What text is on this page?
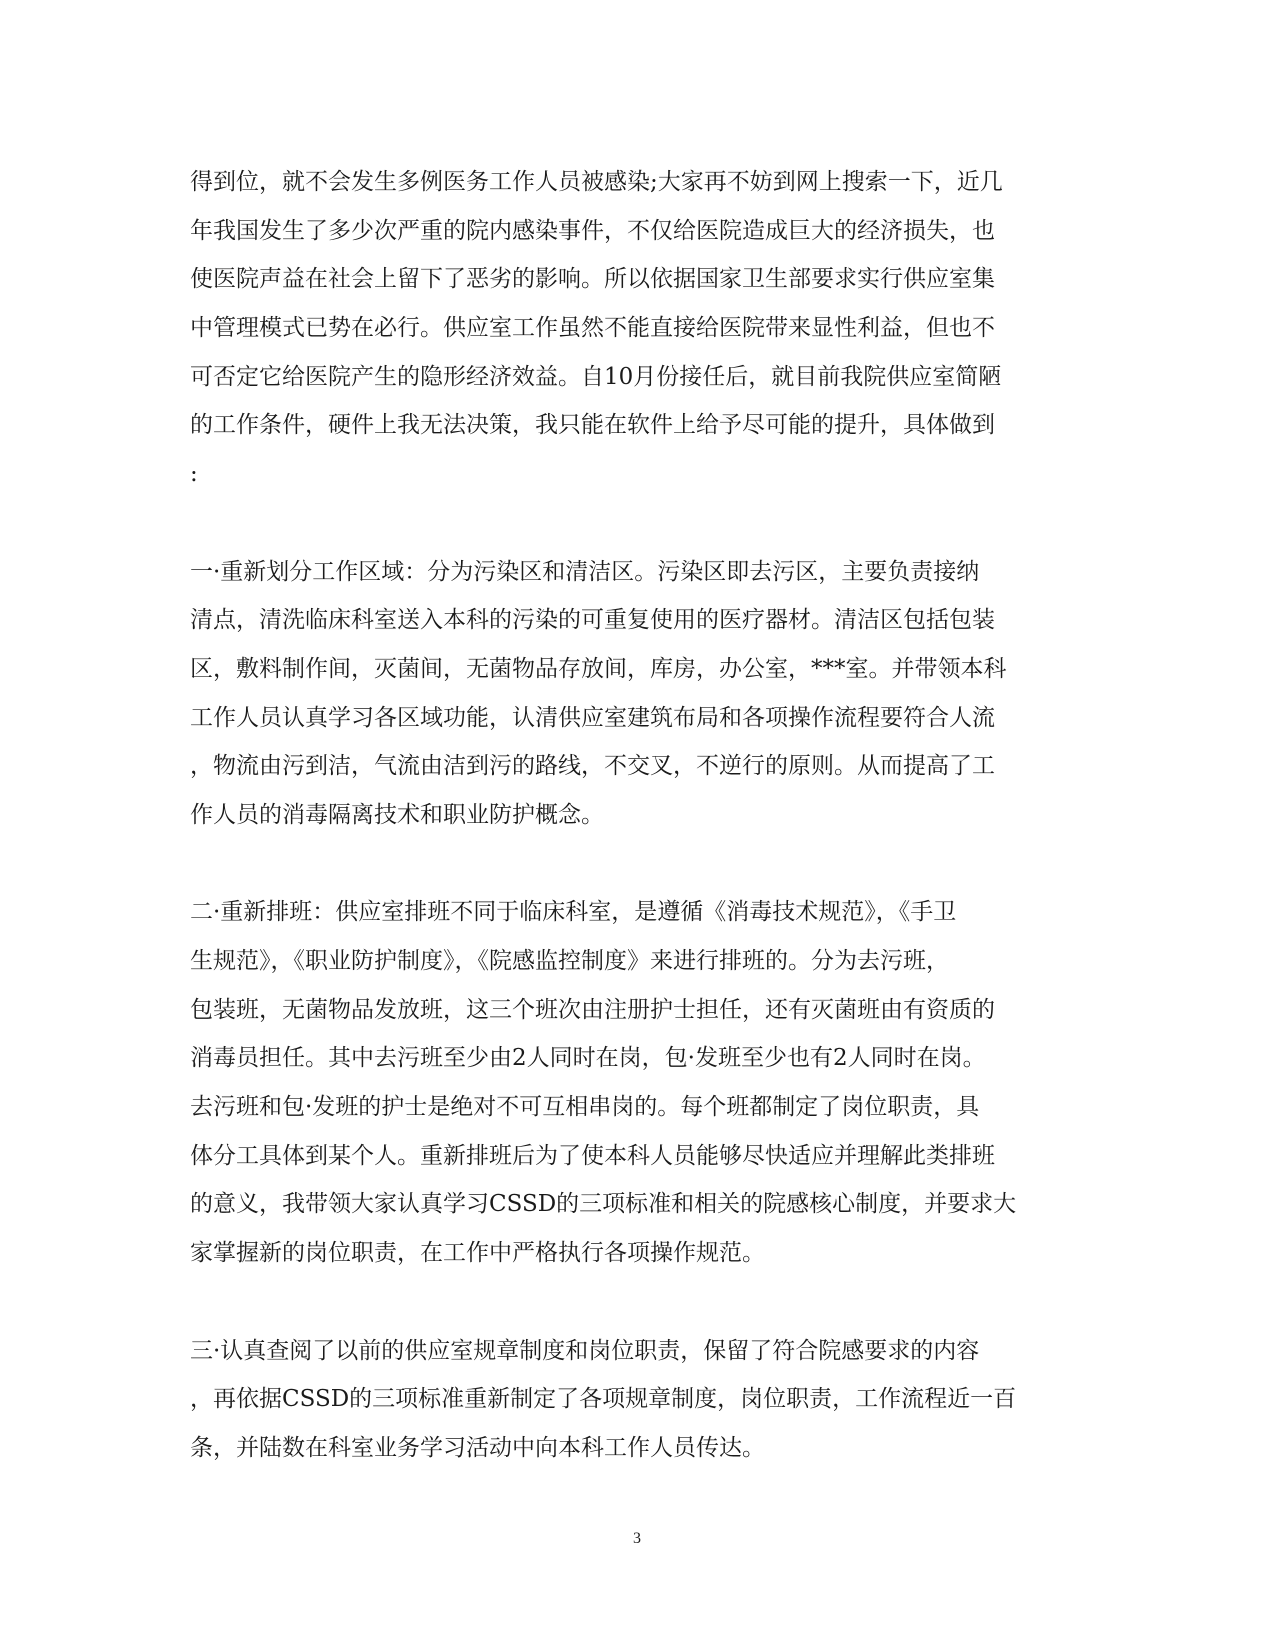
得到位，就不会发生多例医务工作人员被感染;大家再不妨到网上搜索一下，近几
年我国发生了多少次严重的院内感染事件，不仅给医院造成巨大的经济损失，也
使医院声益在社会上留下了恶劣的影响。所以依据国家卫生部要求实行供应室集
中管理模式已势在必行。供应室工作虽然不能直接给医院带来显性利益，但也不
可否定它给医院产生的隐形经济效益。自10月份接任后，就目前我院供应室简陋
的工作条件，硬件上我无法决策，我只能在软件上给予尽可能的提升，具体做到
:
一·重新划分工作区域：分为污染区和清洁区。污染区即去污区，主要负责接纳
清点，清洗临床科室送入本科的污染的可重复使用的医疗器材。清洁区包括包装
区，敷料制作间，灭菌间，无菌物品存放间，库房，办公室，***室。并带领本科
工作人员认真学习各区域功能，认清供应室建筑布局和各项操作流程要符合人流
，物流由污到洁，气流由洁到污的路线，不交叉，不逆行的原则。从而提高了工
作人员的消毒隔离技术和职业防护概念。
二·重新排班：供应室排班不同于临床科室，是遵循《消毒技术规范》，《手卫
生规范》，《职业防护制度》，《院感监控制度》来进行排班的。分为去污班，
包装班，无菌物品发放班，这三个班次由注册护士担任，还有灭菌班由有资质的
消毒员担任。其中去污班至少由2人同时在岗，包·发班至少也有2人同时在岗。
去污班和包·发班的护士是绝对不可互相串岗的。每个班都制定了岗位职责，具
体分工具体到某个人。重新排班后为了使本科人员能够尽快适应并理解此类排班
的意义，我带领大家认真学习CSSD的三项标准和相关的院感核心制度，并要求大
家掌握新的岗位职责，在工作中严格执行各项操作规范。
三·认真查阅了以前的供应室规章制度和岗位职责，保留了符合院感要求的内容
，再依据CSSD的三项标准重新制定了各项规章制度，岗位职责，工作流程近一百
条，并陆数在科室业务学习活动中向本科工作人员传达。
3
